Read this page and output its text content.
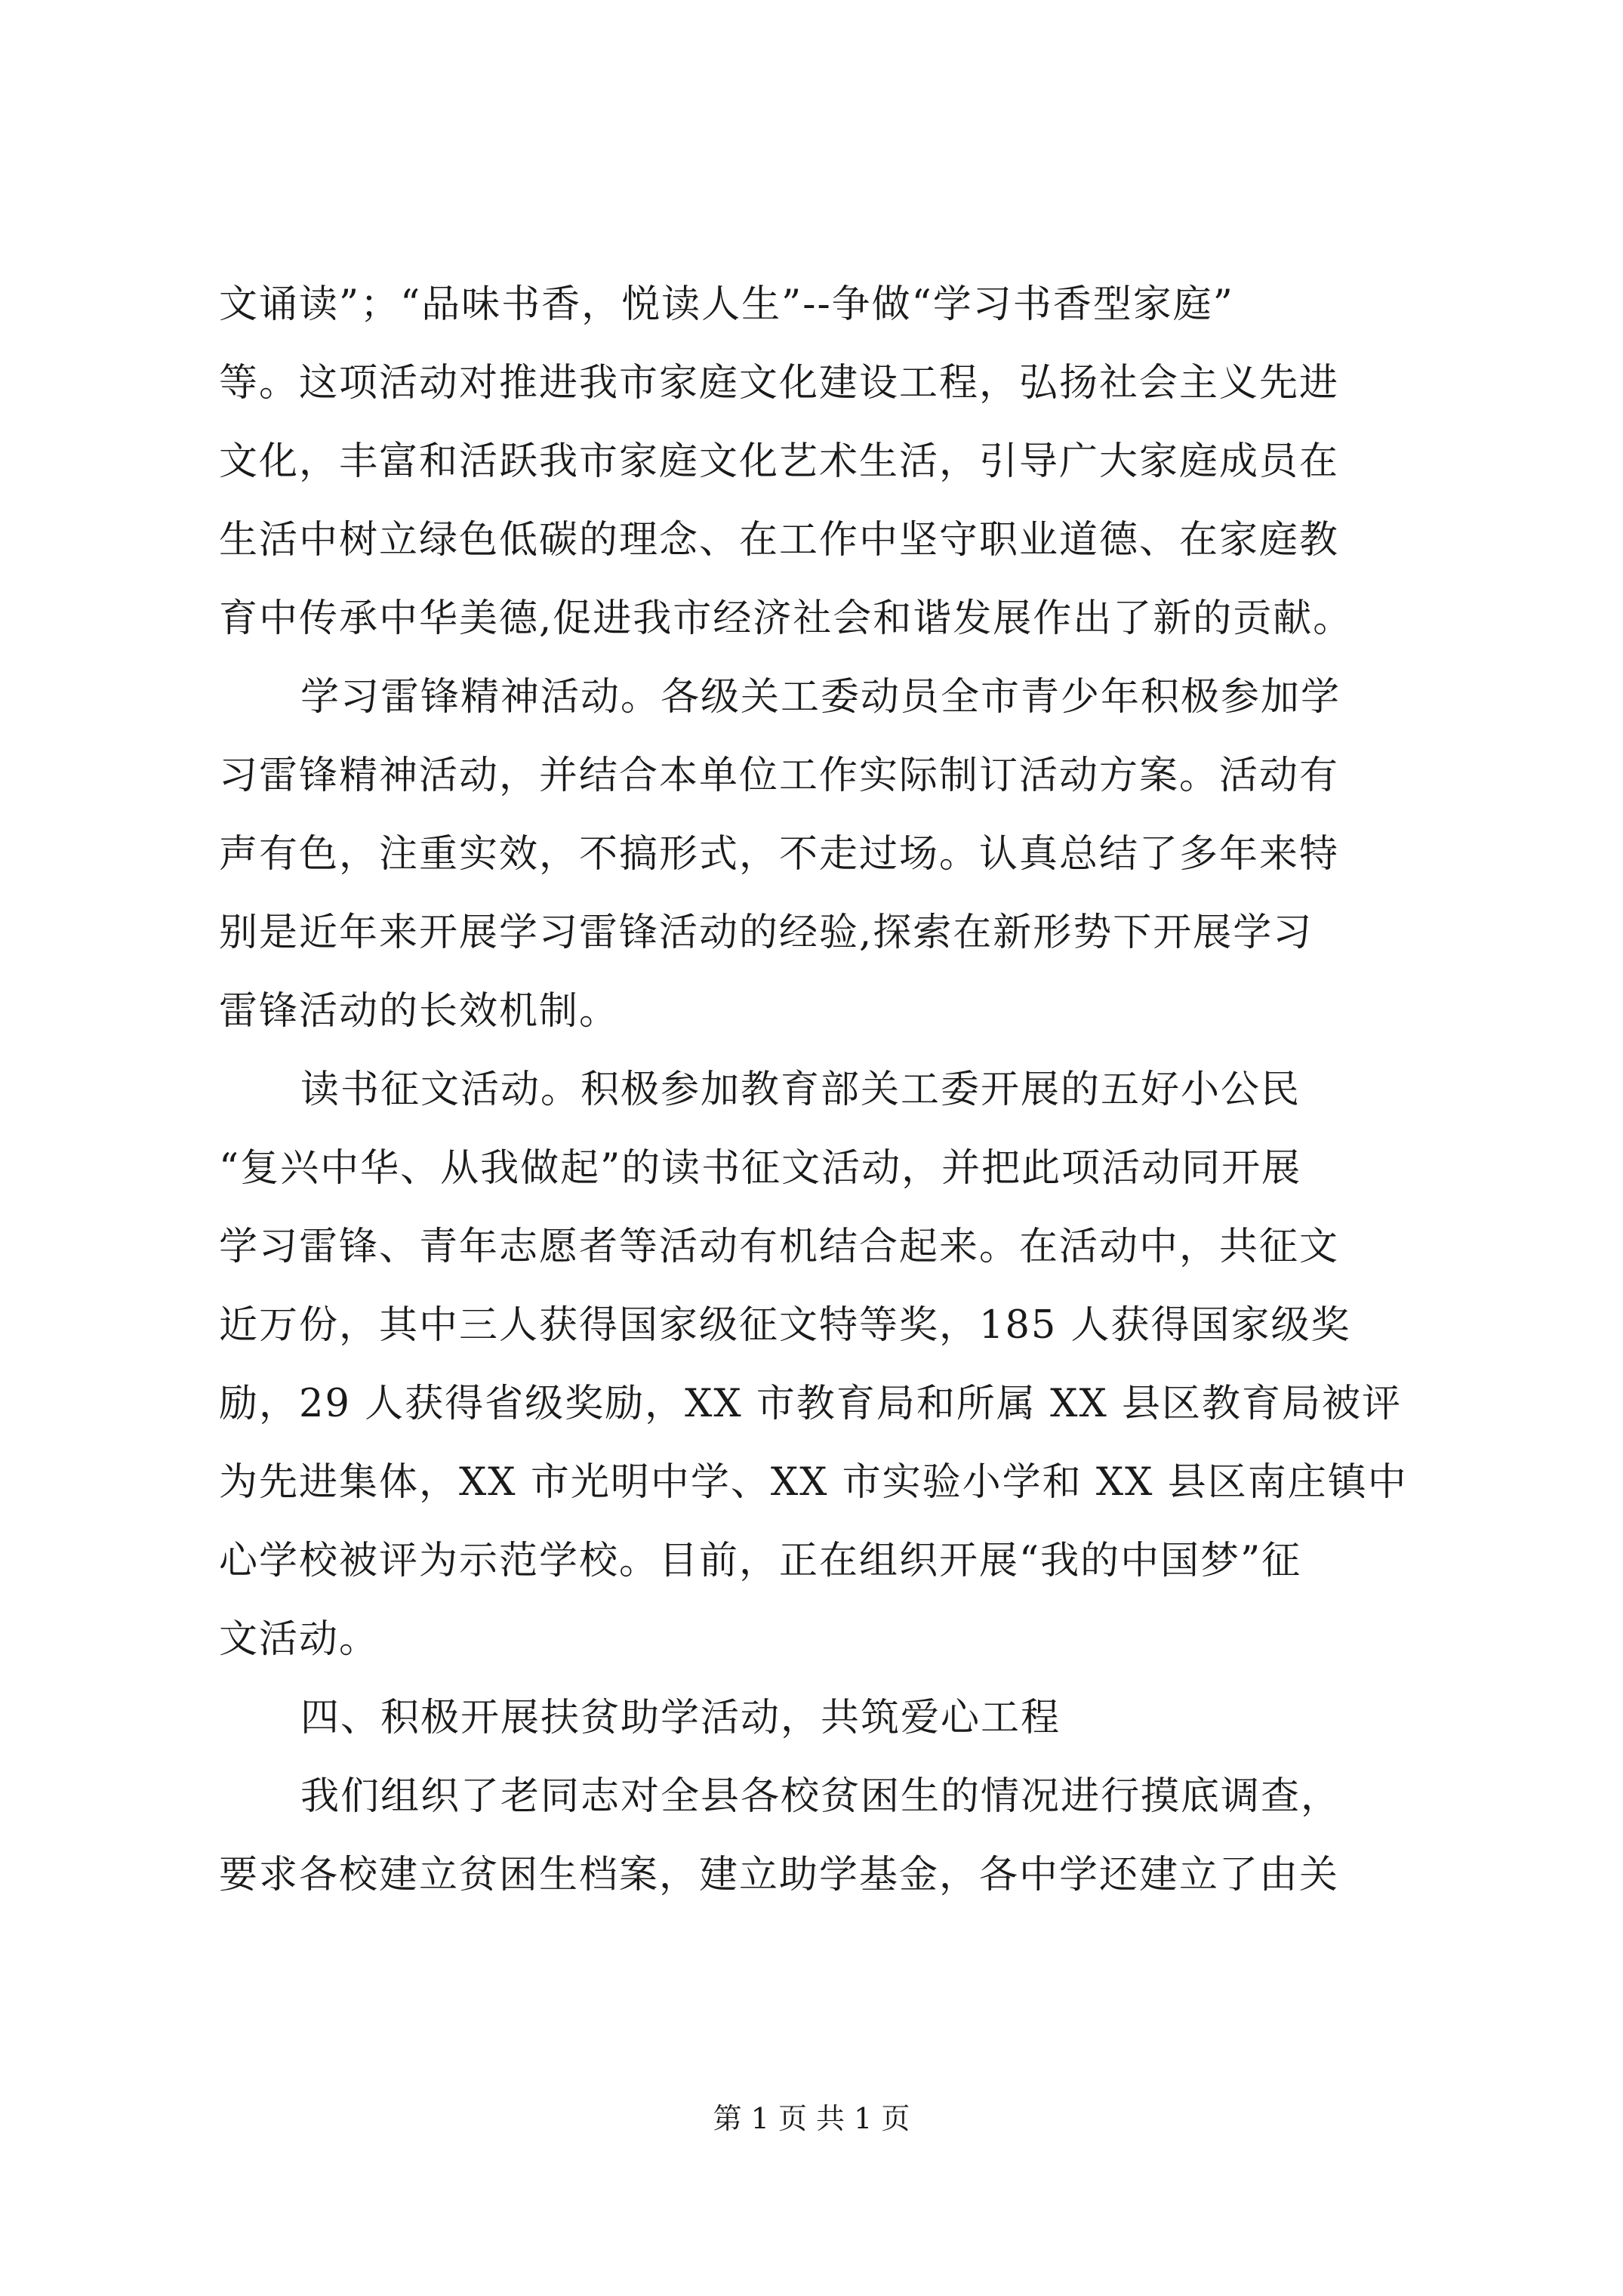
文诵读”；“品味书香，悦读人生”--争做“学习书香型家庭”
等。这项活动对推进我市家庭文化建设工程，弘扬社会主义先进
文化，丰富和活跃我市家庭文化艺术生活，引导广大家庭成员在
生活中树立绿色低碳的理念、在工作中坚守职业道德、在家庭教
育中传承中华美德,促进我市经济社会和谐发展作出了新的贡献。
学习雷锋精神活动。各级关工委动员全市青少年积极参加学
习雷锋精神活动，并结合本单位工作实际制订活动方案。活动有
声有色，注重实效，不搞形式，不走过场。认真总结了多年来特
别是近年来开展学习雷锋活动的经验,探索在新形势下开展学习
雷锋活动的长效机制。
读书征文活动。积极参加教育部关工委开展的五好小公民
“复兴中华、从我做起”的读书征文活动，并把此项活动同开展
学习雷锋、青年志愿者等活动有机结合起来。在活动中，共征文
近万份，其中三人获得国家级征文特等奖，185 人获得国家级奖
励，29 人获得省级奖励，XX 市教育局和所属 XX 县区教育局被评
为先进集体，XX 市光明中学、XX 市实验小学和 XX 县区南庄镇中
心学校被评为示范学校。目前，正在组织开展“我的中国梦”征
文活动。
四、积极开展扶贫助学活动，共筑爱心工程
我们组织了老同志对全县各校贫困生的情况进行摸底调查，
要求各校建立贫困生档案，建立助学基金，各中学还建立了由关
第 1 页 共 1 页
